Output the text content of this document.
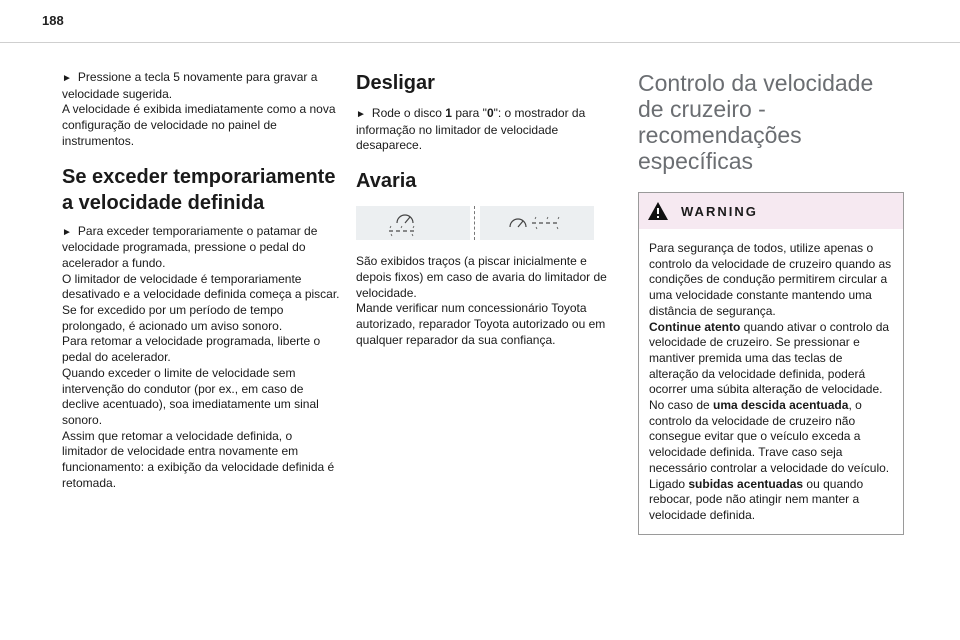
188

► Pressione a tecla 5 novamente para gravar a velocidade sugerida.

A velocidade é exibida imediatamente como a nova configuração de velocidade no painel de instrumentos.

Se exceder temporariamente a velocidade definida

► Para exceder temporariamente o patamar de velocidade programada, pressione o pedal do acelerador a fundo.

O limitador de velocidade é temporariamente desativado e a velocidade definida começa a piscar.

Se for excedido por um período de tempo prolongado, é acionado um aviso sonoro.

Para retomar a velocidade programada, liberte o pedal do acelerador.

Quando exceder o limite de velocidade sem intervenção do condutor (por ex., em caso de declive acentuado), soa imediatamente um sinal sonoro.

Assim que retomar a velocidade definida, o limitador de velocidade entra novamente em funcionamento: a exibição da velocidade definida é retomada.

Desligar

► Rode o disco 1 para "0": o mostrador da informação no limitador de velocidade desaparece.

Avaria

São exibidos traços (a piscar inicialmente e depois fixos) em caso de avaria do limitador de velocidade.

Mande verificar num concessionário Toyota autorizado, reparador Toyota autorizado ou em qualquer reparador da sua confiança.

Controlo da velocidade de cruzeiro - recomendações específicas
WARNING

Para segurança de todos, utilize apenas o controlo da velocidade de cruzeiro quando as condições de condução permitirem circular a uma velocidade constante mantendo uma distância de segurança.

Continue atento quando ativar o controlo da velocidade de cruzeiro. Se pressionar e mantiver premida uma das teclas de alteração da velocidade definida, poderá ocorrer uma súbita alteração de velocidade.

No caso de uma descida acentuada, o controlo da velocidade de cruzeiro não consegue evitar que o veículo exceda a velocidade definida. Trave caso seja necessário controlar a velocidade do veículo.

Ligado subidas acentuadas ou quando rebocar, pode não atingir nem manter a velocidade definida.
